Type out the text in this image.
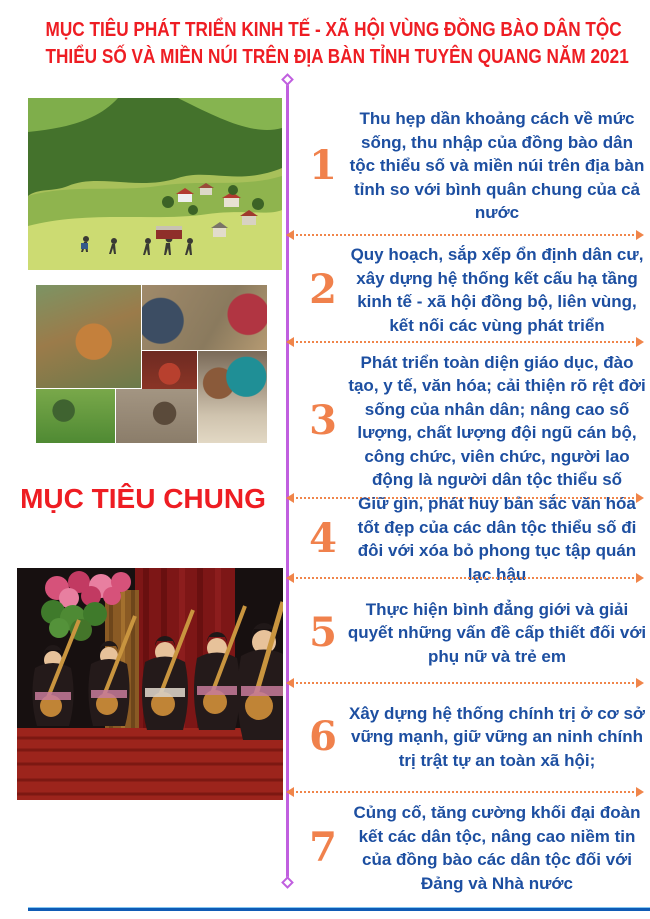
MỤC TIÊU PHÁT TRIỂN KINH TẾ - XÃ HỘI VÙNG ĐỒNG BÀO DÂN TỘC
THIỂU SỐ VÀ MIỀN NÚI TRÊN ĐỊA BÀN TỈNH TUYÊN QUANG NĂM 2021
MỤC TIÊU CHUNG
1
Thu hẹp dần khoảng cách về mức sống, thu nhập của đồng bào dân tộc thiểu số và miền núi trên địa bàn tỉnh so với bình quân chung của cả nước
2
Quy hoạch, sắp xếp ổn định dân cư, xây dựng hệ thống kết cấu hạ tầng kinh tế - xã hội đồng bộ, liên vùng, kết nối các vùng phát triển
3
Phát triển toàn diện giáo dục, đào tạo, y tế, văn hóa; cải thiện rõ rệt đời sống của nhân dân; nâng cao số lượng, chất lượng đội ngũ cán bộ, công chức, viên chức, người lao động là người dân tộc thiểu số
4
Giữ gìn, phát huy bản sắc văn hóa tốt đẹp của các dân tộc thiểu số đi đôi với xóa bỏ phong tục tập quán lạc hậu
5	Thực hiện bình đẳng giới và giải quyết những vấn đề cấp thiết đối với phụ nữ và trẻ em
6 Xây dựng hệ thống chính trị ở cơ sở vững mạnh, giữ vững an ninh chính trị trật tự an toàn xã hội;
7
Củng cố, tăng cường khối đại đoàn kết các dân tộc, nâng cao niềm tin của đồng bào các dân tộc đối với Đảng và Nhà nước
